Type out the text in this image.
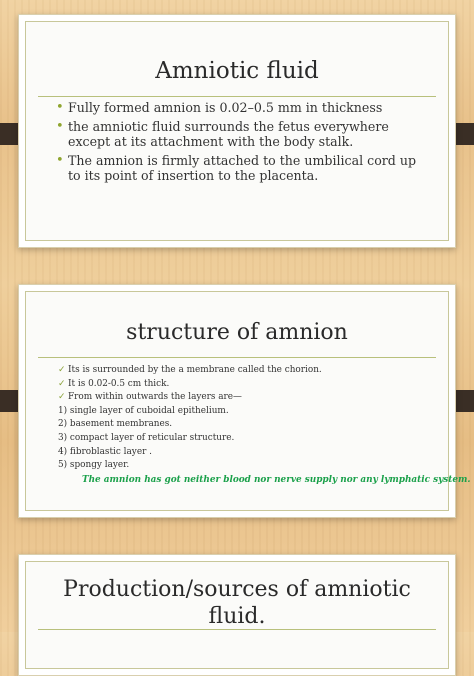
Amniotic fluid
• Fully formed amnion is 0.02–0.5 mm in thickness
• the amniotic fluid surrounds the fetus everywhere except at its attachment with the body stalk.
• The amnion is firmly attached to the umbilical cord up to its point of insertion to the placenta.
structure of amnion
✓ Its is surrounded by the a membrane called the chorion.
✓ It is 0.02-0.5 cm thick.
✓ From within outwards the layers are—
1) single layer of cuboidal epithelium.
2) basement membranes.
3) compact layer of reticular structure.
4) fibroblastic layer .
5) spongy layer.
The amnion has got neither blood nor nerve supply nor any lymphatic system.
Production/sources of amniotic fluid.
